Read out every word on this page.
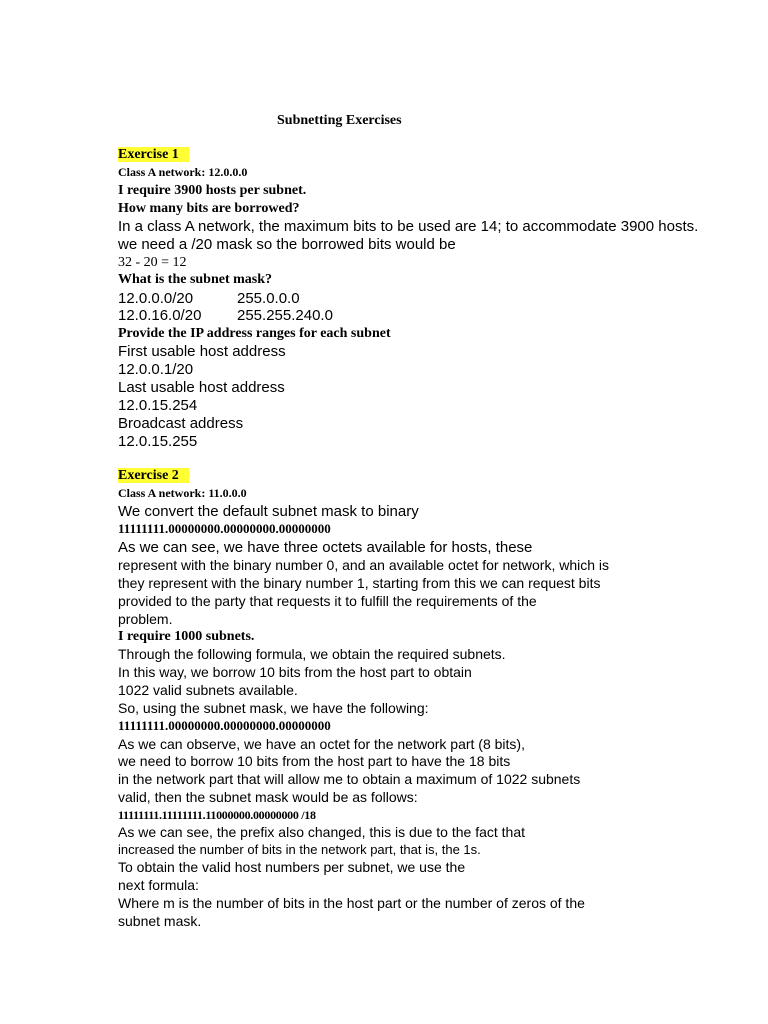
Subnetting Exercises
Exercise 1
Class A network: 12.0.0.0
I require 3900 hosts per subnet.
How many bits are borrowed?
In a class A network, the maximum bits to be used are 14; to accommodate 3900 hosts.
we need a /20 mask so the borrowed bits would be
32 - 20 = 12
What is the subnet mask?
12.0.0.0/20	255.0.0.0
12.0.16.0/20 255.255.240.0
Provide the IP address ranges for each subnet
First usable host address
12.0.0.1/20
Last usable host address
12.0.15.254
Broadcast address
12.0.15.255
Exercise 2
Class A network: 11.0.0.0
We convert the default subnet mask to binary
11111111.00000000.00000000.00000000
As we can see, we have three octets available for hosts, these
represent with the binary number 0, and an available octet for network, which is
they represent with the binary number 1, starting from this we can request bits
provided to the party that requests it to fulfill the requirements of the
problem.
I require 1000 subnets.
Through the following formula, we obtain the required subnets.
In this way, we borrow 10 bits from the host part to obtain
1022 valid subnets available.
So, using the subnet mask, we have the following:
11111111.00000000.00000000.00000000
As we can observe, we have an octet for the network part (8 bits),
we need to borrow 10 bits from the host part to have the 18 bits
in the network part that will allow me to obtain a maximum of 1022 subnets
valid, then the subnet mask would be as follows:
11111111.11111111.11000000.00000000 /18
As we can see, the prefix also changed, this is due to the fact that
increased the number of bits in the network part, that is, the 1s.
To obtain the valid host numbers per subnet, we use the
next formula:
Where m is the number of bits in the host part or the number of zeros of the
subnet mask.
